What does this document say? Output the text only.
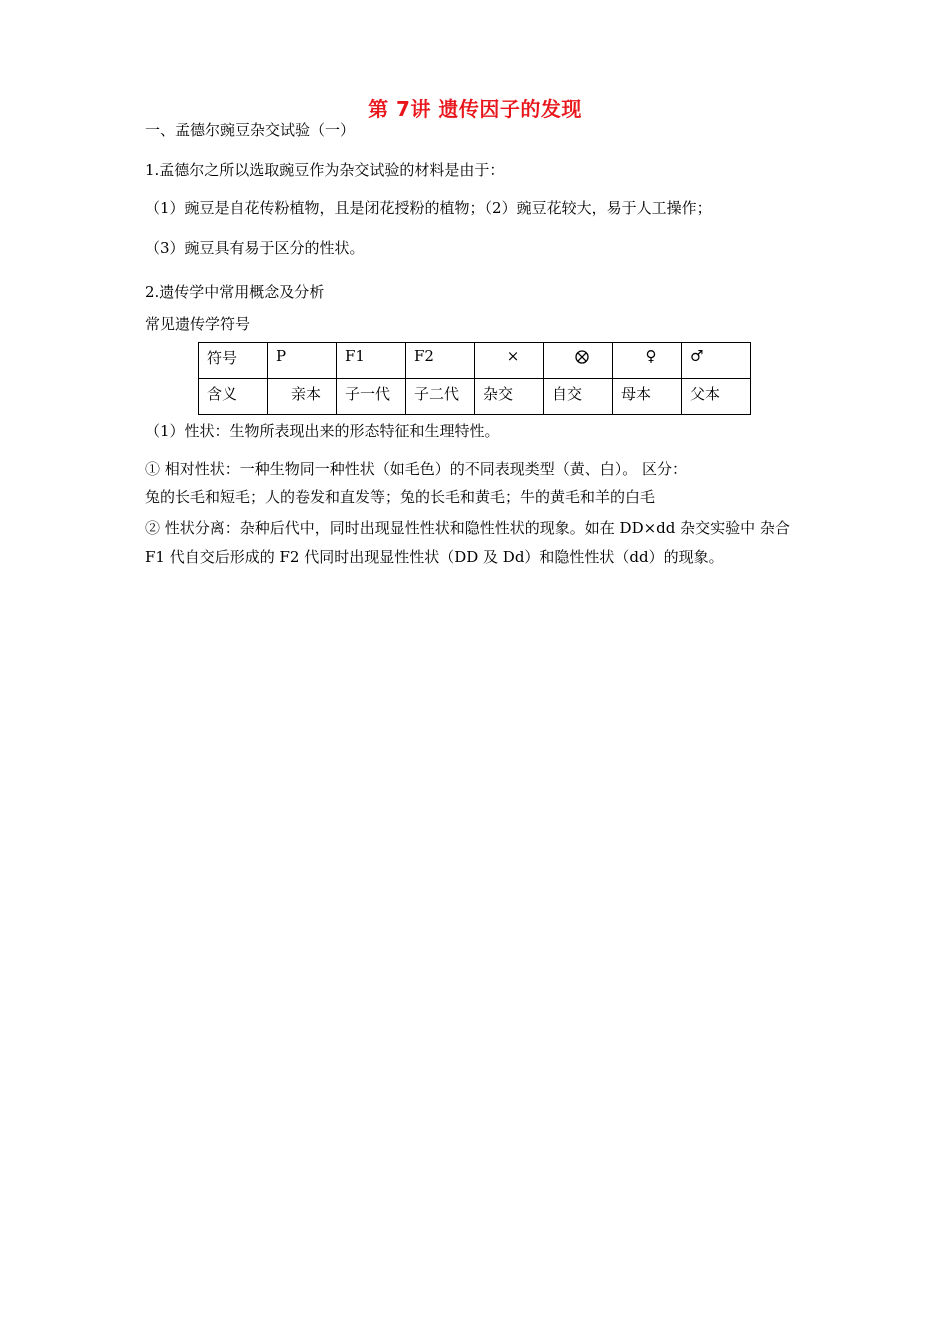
第 7讲 遗传因子的发现
一、孟德尔豌豆杂交试验（一）
1.孟德尔之所以选取豌豆作为杂交试验的材料是由于：
（1）豌豆是自花传粉植物，且是闭花授粉的植物；（2）豌豆花较大，易于人工操作；
（3）豌豆具有易于区分的性状。
2.遗传学中常用概念及分析
常见遗传学符号
符号	P	F1	F2	×		♀	♂
含义	亲本	子一代	子二代	杂交	自交	母本	父本
（1）性状：生物所表现出来的形态特征和生理特性。
① 相对性状：一种生物同一种性状（如毛色）的不同表现类型（黄、白）。 区分：
兔的长毛和短毛；人的卷发和直发等；兔的长毛和黄毛；牛的黄毛和羊的白毛
② 性状分离：杂种后代中，同时出现显性性状和隐性性状的现象。如在 DD×dd 杂交实验中 杂合 F1 代自交后形成的 F2 代同时出现显性性状（DD 及 Dd）和隐性性状（dd）的现象。
